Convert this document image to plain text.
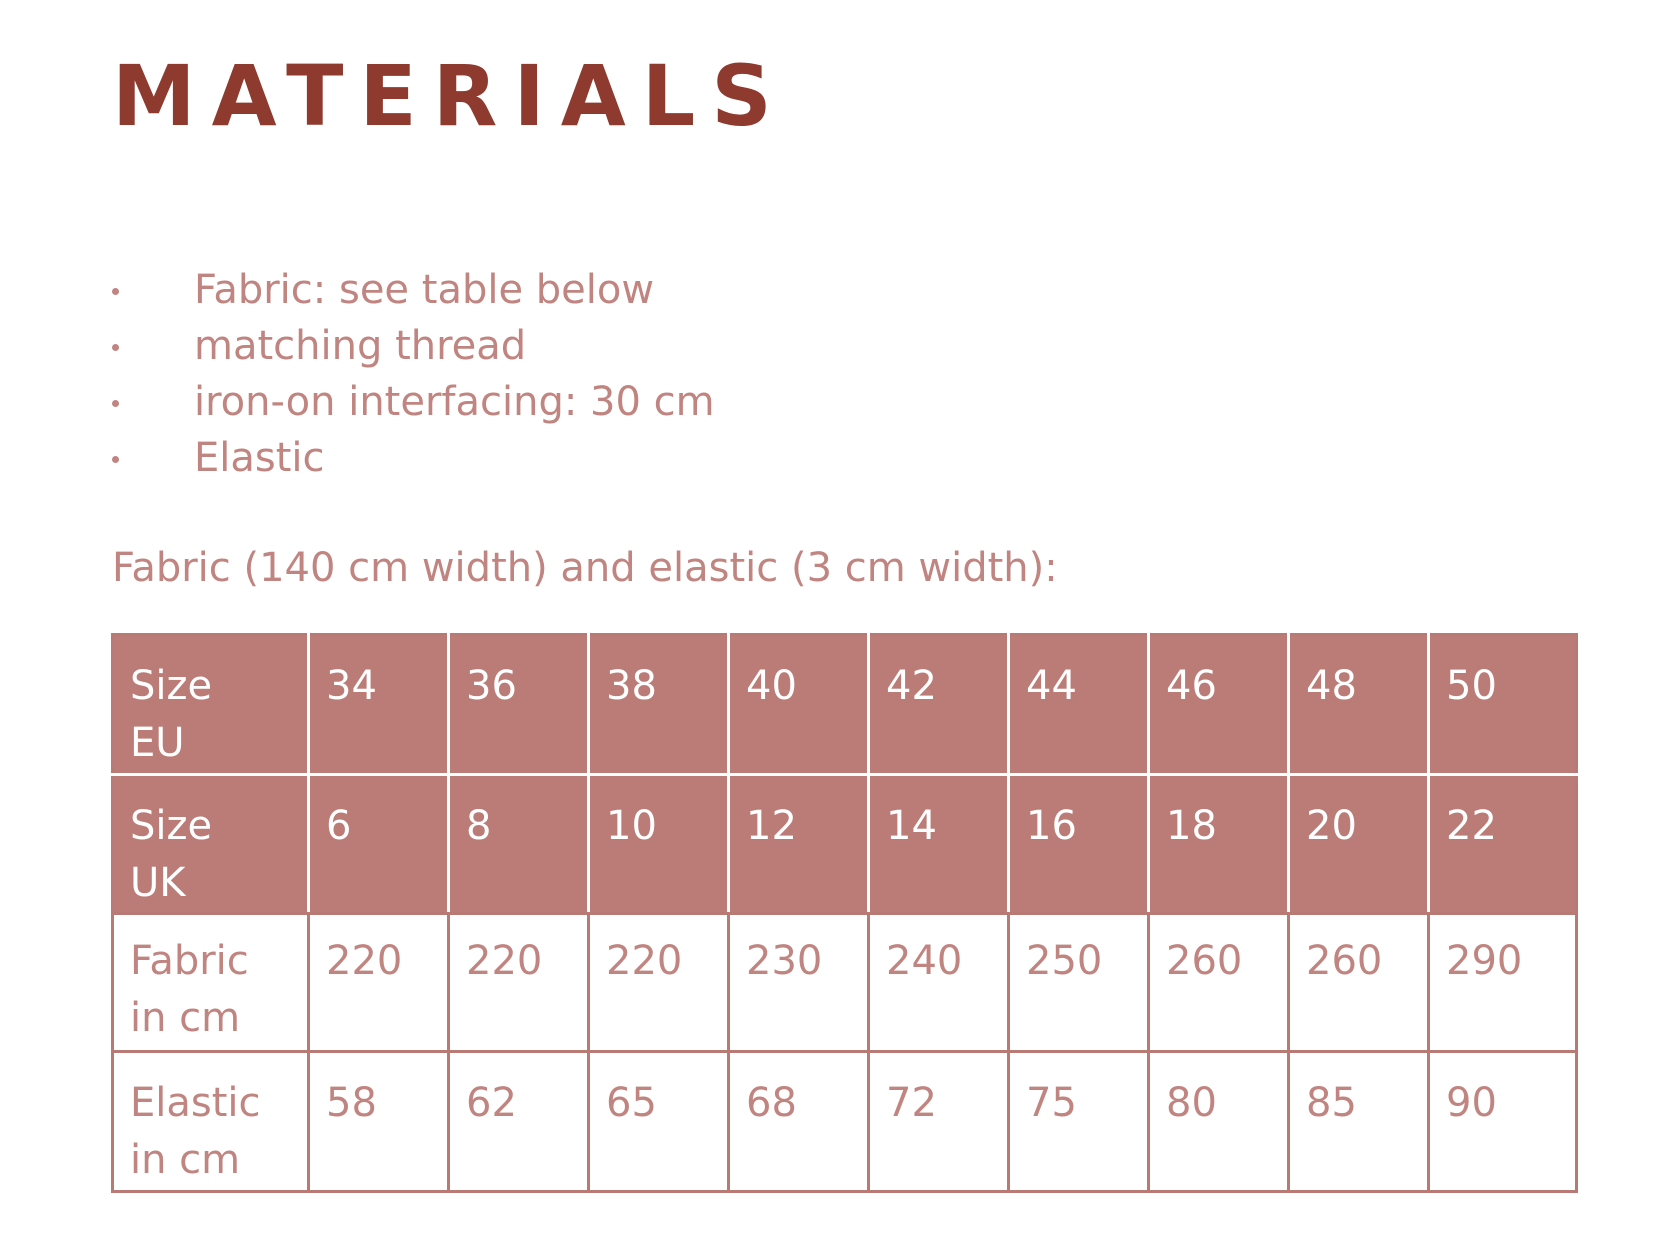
MATERIALS
Fabric: see table below
matching thread
iron-on interfacing: 30 cm
Elastic

Fabric (140 cm width) and elastic (3 cm width):

Size
EU	34	36	38	40	42	44	46	48	50

Size
UK	6	8	10	12	14	16	18	20	22

Fabric
in cm	220	220	220	230	240	250	260	260	290

Elastic
in cm	58	62	65	68	72	75	80	85	90
